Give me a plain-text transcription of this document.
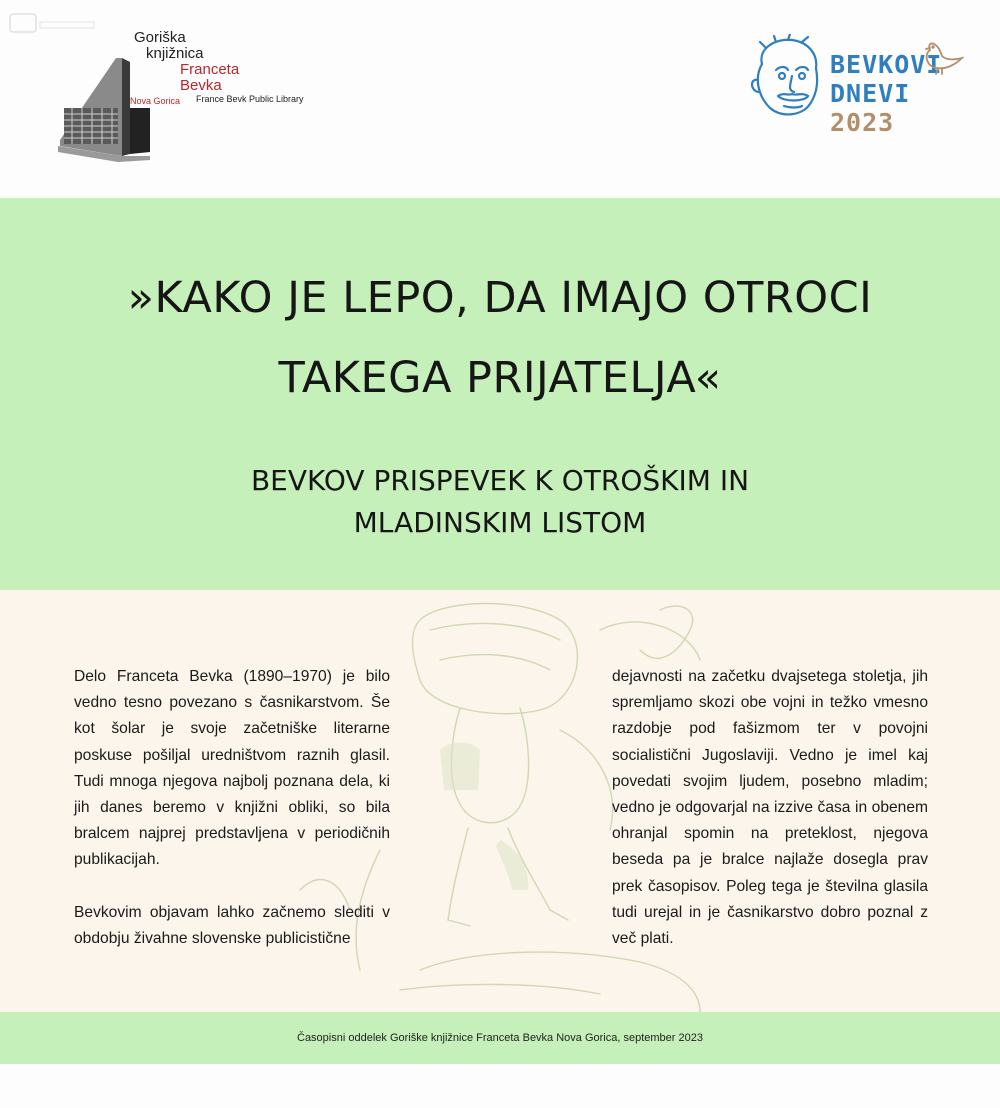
Goriška
knjižnica
Franceta
Bevka
France Bevk Public Library
Nova Gorica
BEVKOVI
DNEVI 2023
»KAKO JE LEPO, DA IMAJO OTROCI
TAKEGA PRIJATELJA«
BEVKOV PRISPEVEK K OTROŠKIM IN
MLADINSKIM LISTOM

Delo Franceta Bevka (1890–1970) je bilo vedno tesno povezano s časnikarstvom. Še kot šolar je svoje začetniške literarne poskuse pošiljal uredništvom raznih glasil. Tudi mnoga njegova najbolj poznana dela, ki jih danes beremo v knjižni obliki, so bila bralcem najprej predstavljena v periodičnih publikacijah.

Bevkovim objavam lahko začnemo slediti v obdobju živahne slovenske publicistične

dejavnosti na začetku dvajsetega stoletja, jih spremljamo skozi obe vojni in težko vmesno razdobje pod fašizmom ter v povojni socialistični Jugoslaviji. Vedno je imel kaj povedati svojim ljudem, posebno mladim; vedno je odgovarjal na izzive časa in obenem ohranjal spomin na preteklost, njegova beseda pa je bralce najlaže dosegla prav prek časopisov. Poleg tega je številna glasila tudi urejal in je časnikarstvo dobro poznal z več plati.

Časopisni oddelek Goriške knjižnice Franceta Bevka Nova Gorica, september 2023
